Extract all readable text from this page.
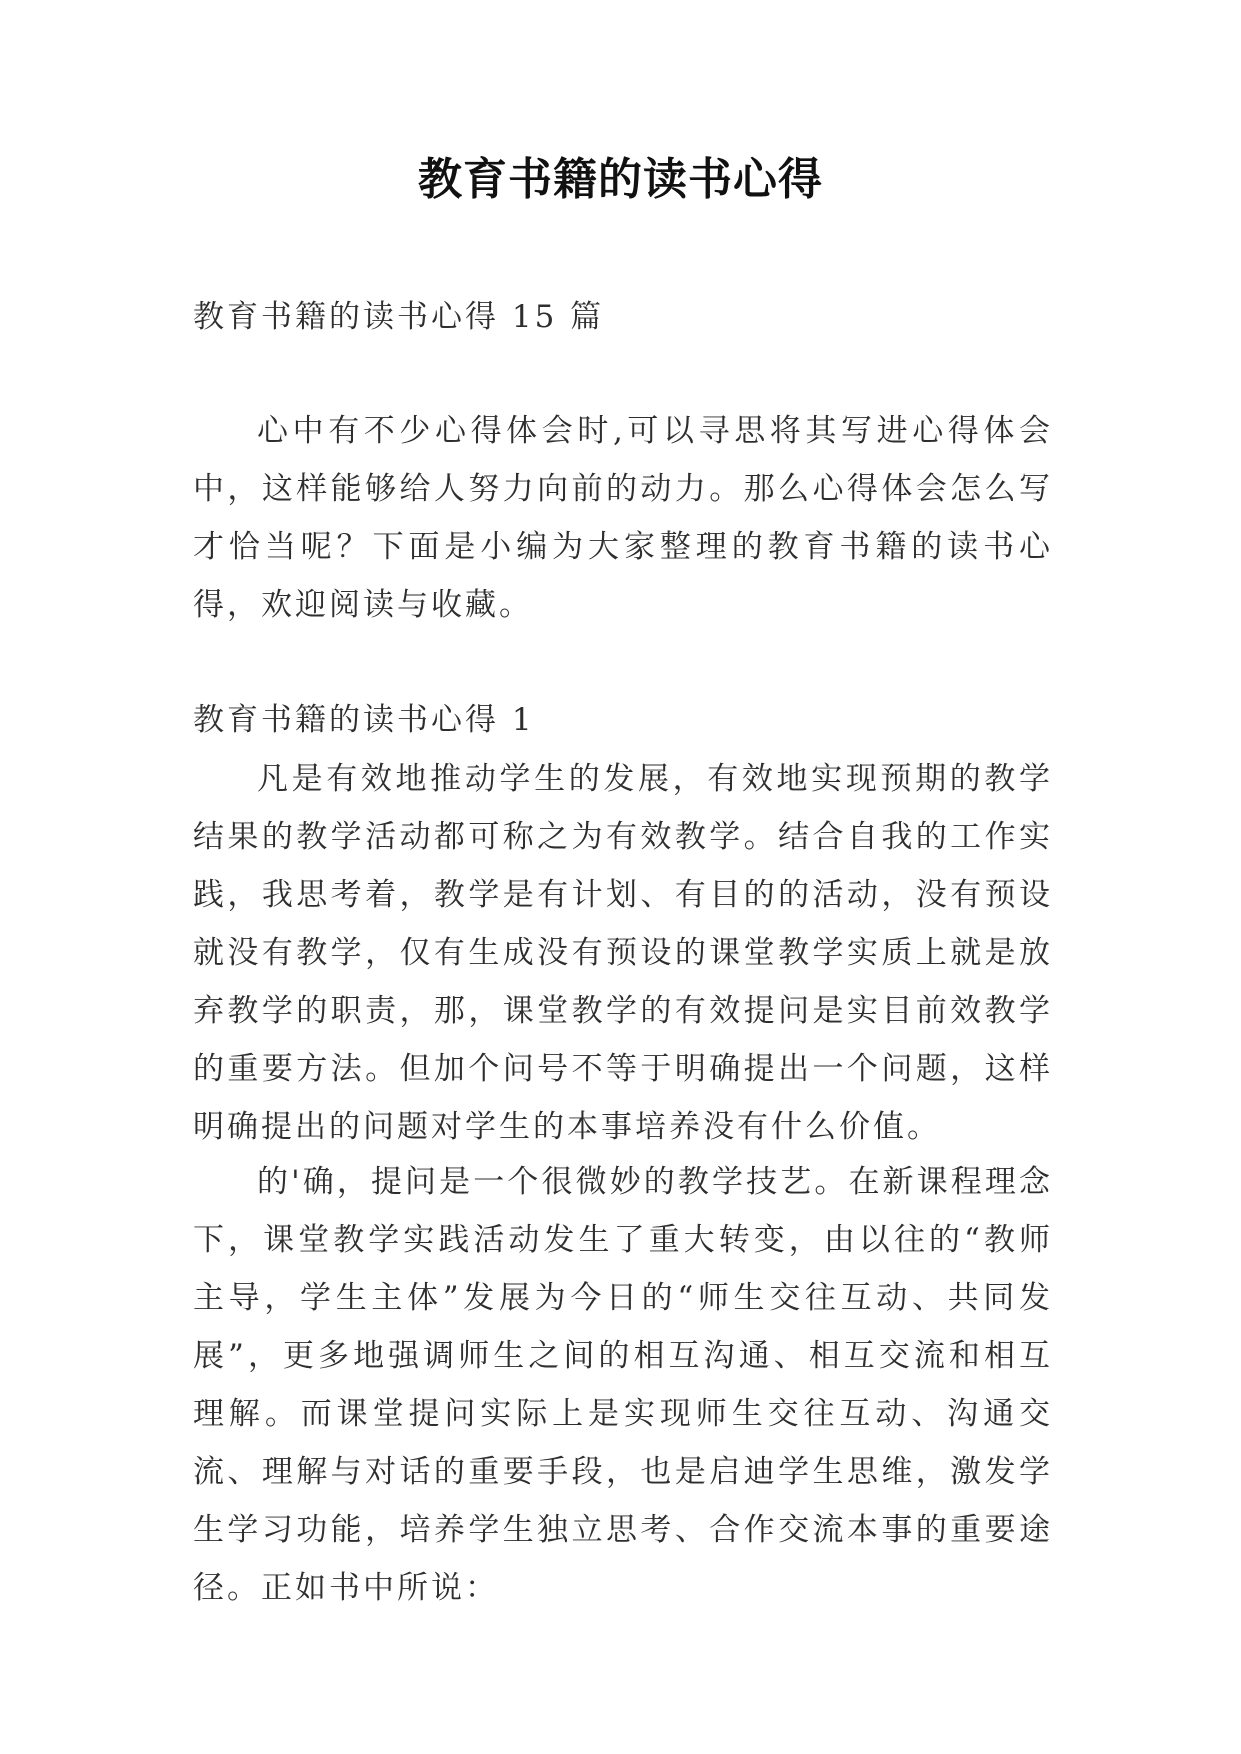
教育书籍的读书心得
教育书籍的读书心得 15 篇
心中有不少心得体会时,可以寻思将其写进心得体会中，这样能够给人努力向前的动力。那么心得体会怎么写才恰当呢？下面是小编为大家整理的教育书籍的读书心得，欢迎阅读与收藏。
教育书籍的读书心得 1
凡是有效地推动学生的发展，有效地实现预期的教学结果的教学活动都可称之为有效教学。结合自我的工作实践，我思考着，教学是有计划、有目的的活动，没有预设就没有教学，仅有生成没有预设的课堂教学实质上就是放弃教学的职责，那，课堂教学的有效提问是实目前效教学的重要方法。但加个问号不等于明确提出一个问题，这样明确提出的问题对学生的本事培养没有什么价值。
的'确，提问是一个很微妙的教学技艺。在新课程理念下，课堂教学实践活动发生了重大转变，由以往的“教师主导，学生主体”发展为今日的“师生交往互动、共同发展”，更多地强调师生之间的相互沟通、相互交流和相互理解。而课堂提问实际上是实现师生交往互动、沟通交流、理解与对话的重要手段，也是启迪学生思维，激发学生学习功能，培养学生独立思考、合作交流本事的重要途径。正如书中所说：
